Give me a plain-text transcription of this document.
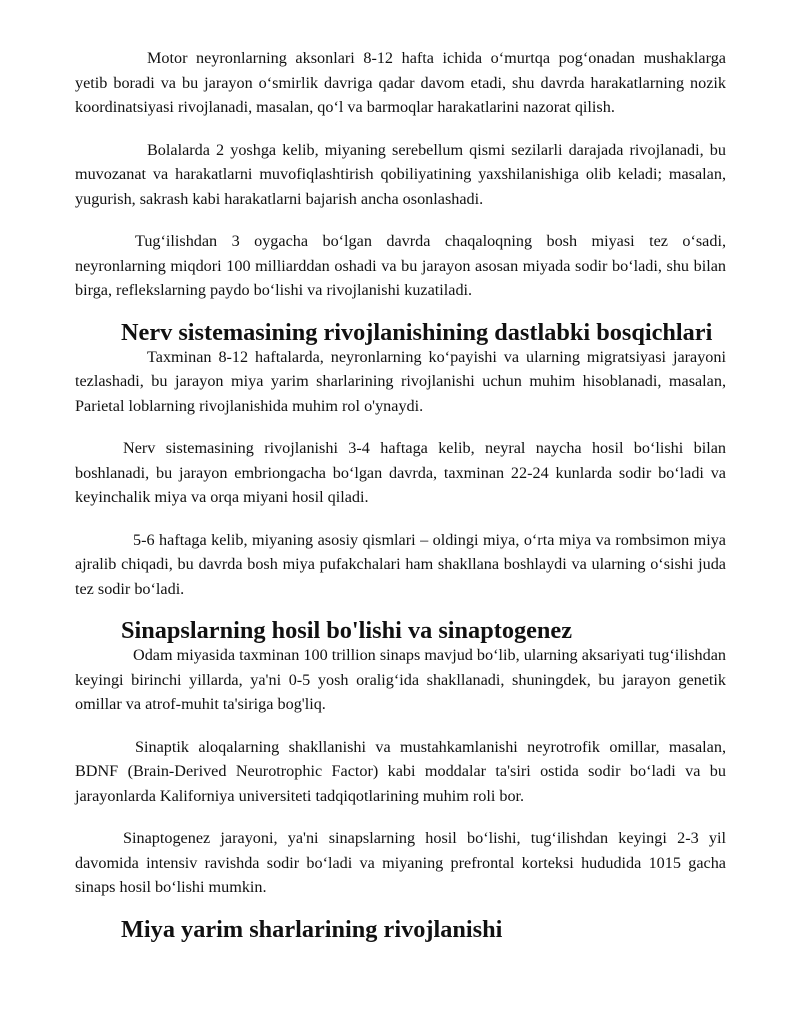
Motor neyronlarning aksonlari 8-12 hafta ichida o‘murtqa pog‘onadan mushaklarga yetib boradi va bu jarayon o‘smirlik davriga qadar davom etadi, shu davrda harakatlarning nozik koordinatsiyasi rivojlanadi, masalan, qo‘l va barmoqlar harakatlarini nazorat qilish.

Bolalarda 2 yoshga kelib, miyaning serebellum qismi sezilarli darajada rivojlanadi, bu muvozanat va harakatlarni muvofiqlashtirish qobiliyatining yaxshilanishiga olib keladi; masalan, yugurish, sakrash kabi harakatlarni bajarish ancha osonlashadi.

Tug‘ilishdan 3 oygacha bo‘lgan davrda chaqaloqning bosh miyasi tez o‘sadi, neyronlarning miqdori 100 milliarddan oshadi va bu jarayon asosan miyada sodir bo‘ladi, shu bilan birga, reflekslarning paydo bo‘lishi va rivojlanishi kuzatiladi.

Nerv sistemasining rivojlanishining dastlabki bosqichlari

Taxminan 8-12 haftalarda, neyronlarning ko‘payishi va ularning migratsiyasi jarayoni tezlashadi, bu jarayon miya yarim sharlarining rivojlanishi uchun muhim hisoblanadi, masalan, Parietal loblarning rivojlanishida muhim rol o'ynaydi.

Nerv sistemasining rivojlanishi 3-4 haftaga kelib, neyral naycha hosil bo‘lishi bilan boshlanadi, bu jarayon embriongacha bo‘lgan davrda, taxminan 22-24 kunlarda sodir bo‘ladi va keyinchalik miya va orqa miyani hosil qiladi.

5-6 haftaga kelib, miyaning asosiy qismlari – oldingi miya, o‘rta miya va rombsimon miya ajralib chiqadi, bu davrda bosh miya pufakchalari ham shakllana boshlaydi va ularning o‘sishi juda tez sodir bo‘ladi.

Sinapslarning hosil bo'lishi va sinaptogenez

Odam miyasida taxminan 100 trillion sinaps mavjud bo‘lib, ularning aksariyati tug‘ilishdan keyingi birinchi yillarda, ya'ni 0-5 yosh oralig‘ida shakllanadi, shuningdek, bu jarayon genetik omillar va atrof-muhit ta'siriga bog'liq.

Sinaptik aloqalarning shakllanishi va mustahkamlanishi neyrotrofik omillar, masalan, BDNF (Brain-Derived Neurotrophic Factor) kabi moddalar ta'siri ostida sodir bo‘ladi va bu jarayonlarda Kaliforniya universiteti tadqiqotlarining muhim roli bor.

Sinaptogenez jarayoni, ya'ni sinapslarning hosil bo‘lishi, tug‘ilishdan keyingi 2-3 yil davomida intensiv ravishda sodir bo‘ladi va miyaning prefrontal korteksi hududida 1015 gacha sinaps hosil bo‘lishi mumkin.

Miya yarim sharlarining rivojlanishi
